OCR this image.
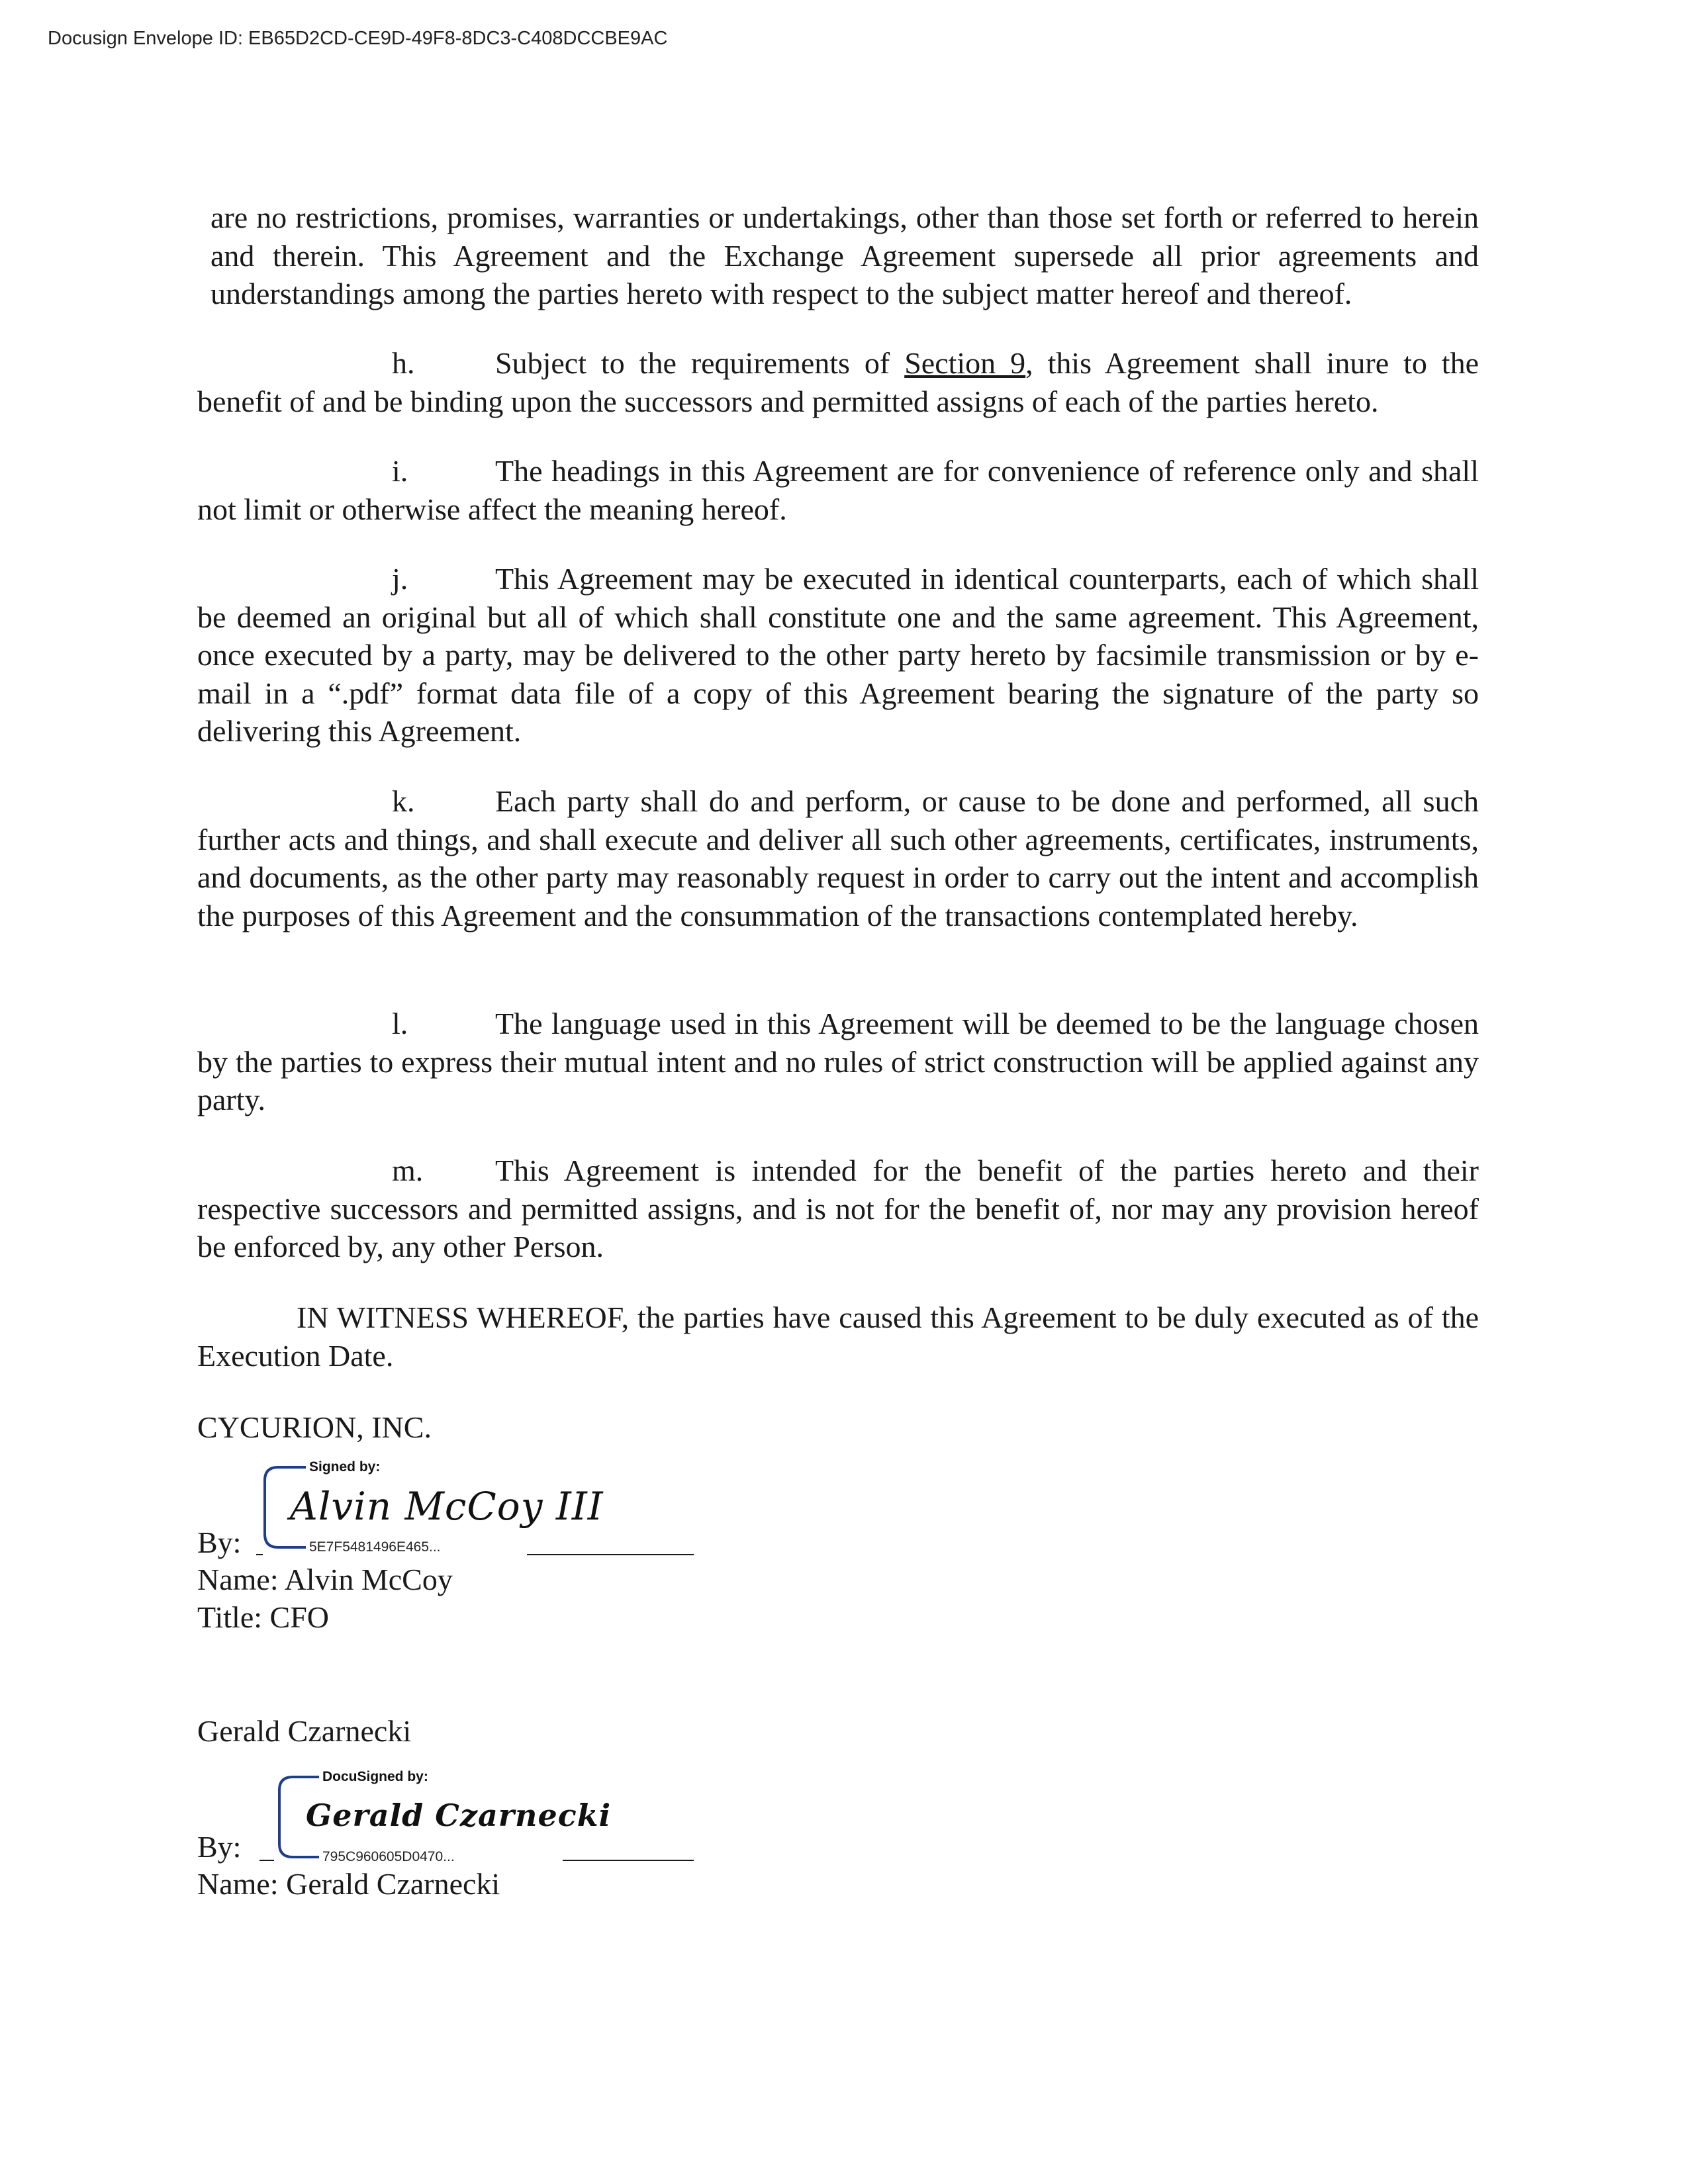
Docusign Envelope ID: EB65D2CD-CE9D-49F8-8DC3-C408DCCBE9AC
are no restrictions, promises, warranties or undertakings, other than those set forth or referred to herein and therein. This Agreement and the Exchange Agreement supersede all prior agreements and understandings among the parties hereto with respect to the subject matter hereof and thereof.
h.	Subject to the requirements of Section 9, this Agreement shall inure to the benefit of and be binding upon the successors and permitted assigns of each of the parties hereto.
i.	The headings in this Agreement are for convenience of reference only and shall not limit or otherwise affect the meaning hereof.
j.	This Agreement may be executed in identical counterparts, each of which shall be deemed an original but all of which shall constitute one and the same agreement. This Agreement, once executed by a party, may be delivered to the other party hereto by facsimile transmission or by e-mail in a “.pdf” format data file of a copy of this Agreement bearing the signature of the party so delivering this Agreement.
k.	Each party shall do and perform, or cause to be done and performed, all such further acts and things, and shall execute and deliver all such other agreements, certificates, instruments, and documents, as the other party may reasonably request in order to carry out the intent and accomplish the purposes of this Agreement and the consummation of the transactions contemplated hereby.
l.	The language used in this Agreement will be deemed to be the language chosen by the parties to express their mutual intent and no rules of strict construction will be applied against any party.
m.	This Agreement is intended for the benefit of the parties hereto and their respective successors and permitted assigns, and is not for the benefit of, nor may any provision hereof be enforced by, any other Person.
IN WITNESS WHEREOF, the parties have caused this Agreement to be duly executed as of the Execution Date.
CYCURION, INC.
Signed by:
Alvin McCoy III
5E7F5481496E465...
By:
Name: Alvin McCoy
Title: CFO
Gerald Czarnecki
DocuSigned by:
Gerald Czarnecki
795C960605D0470...
By:
Name: Gerald Czarnecki
